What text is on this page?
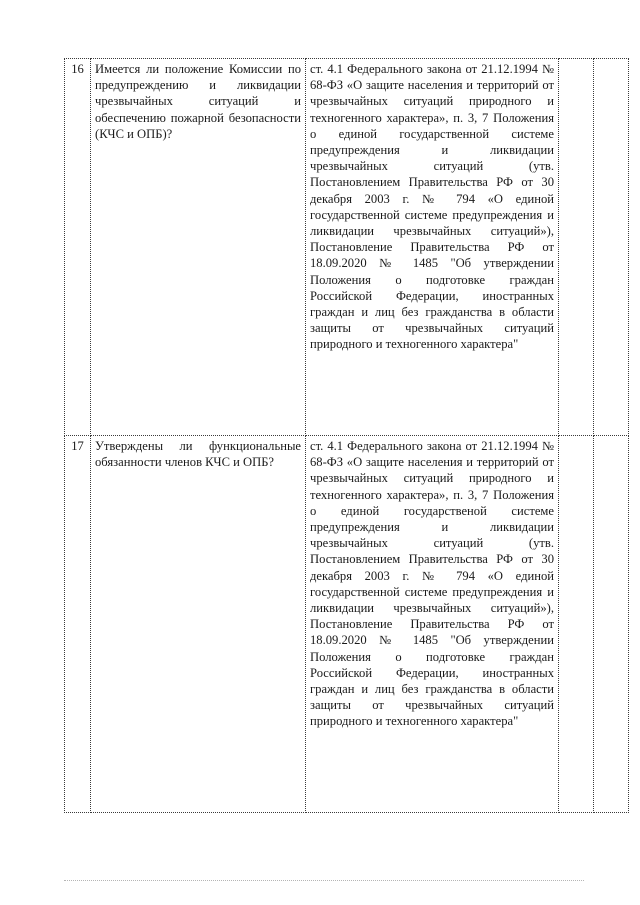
16	Имеется ли положение Комиссии по предупреждению и ликвидации чрезвычайных ситуаций и обеспечению пожарной безопасности (КЧС и ОПБ)?	ст. 4.1 Федерального закона от 21.12.1994 № 68-ФЗ «О защите населения и территорий от чрезвычайных ситуаций природного и техногенного характера», п. 3, 7 Положения о единой государственной системе предупреждения и ликвидации чрезвычайных ситуаций (утв. Постановлением Правительства РФ от 30 декабря 2003 г. № 794 «О единой государственной системе предупреждения и ликвидации чрезвычайных ситуаций»), Постановление Правительства РФ от 18.09.2020 № 1485 "Об утверждении Положения о подготовке граждан Российской Федерации, иностранных граждан и лиц без гражданства в области защиты от чрезвычайных ситуаций природного и техногенного характера"		
17	Утверждены ли функциональные обязанности членов КЧС и ОПБ?	ст. 4.1 Федерального закона от 21.12.1994 № 68-ФЗ «О защите населения и территорий от чрезвычайных ситуаций природного и техногенного характера», п. 3, 7 Положения о единой государственой системе предупреждения и ликвидации чрезвычайных ситуаций (утв. Постановлением Правительства РФ от 30 декабря 2003 г. № 794 «О единой государственной системе предупреждения и ликвидации чрезвычайных ситуаций»), Постановление Правительства РФ от 18.09.2020 № 1485 "Об утверждении Положения о подготовке граждан Российской Федерации, иностранных граждан и лиц без гражданства в области защиты от чрезвычайных ситуаций природного и техногенного характера"		
